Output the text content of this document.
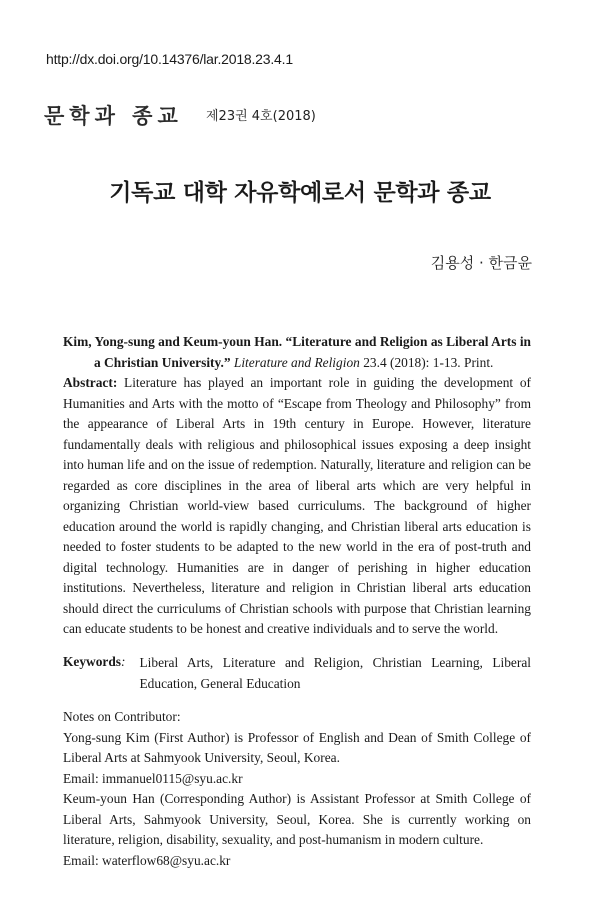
http://dx.doi.org/10.14376/lar.2018.23.4.1
문학과 종교 제23권 4호(2018)
기독교 대학 자유학예로서 문학과 종교
김용성 · 한금윤
Kim, Yong-sung and Keum-youn Han. “Literature and Religion as Liberal Arts in a Christian University.” Literature and Religion 23.4 (2018): 1-13. Print.

Abstract: Literature has played an important role in guiding the development of Humanities and Arts with the motto of “Escape from Theology and Philosophy” from the appearance of Liberal Arts in 19th century in Europe. However, literature fundamentally deals with religious and philosophical issues exposing a deep insight into human life and on the issue of redemption. Naturally, literature and religion can be regarded as core disciplines in the area of liberal arts which are very helpful in organizing Christian world-view based curriculums. The background of higher education around the world is rapidly changing, and Christian liberal arts education is needed to foster students to be adapted to the new world in the era of post-truth and digital technology. Humanities are in danger of perishing in higher education institutions. Nevertheless, literature and religion in Christian liberal arts education should direct the curriculums of Christian schools with purpose that Christian learning can educate students to be honest and creative individuals and to serve the world.

Keywords:	Liberal Arts, Literature and Religion, Christian Learning, Liberal Education, General Education

Notes on Contributor:

Yong-sung Kim (First Author) is Professor of English and Dean of Smith College of Liberal Arts at Sahmyook University, Seoul, Korea.

Email: immanuel0115@syu.ac.kr

Keum-youn Han (Corresponding Author) is Assistant Professor at Smith College of Liberal Arts, Sahmyook University, Seoul, Korea. She is currently working on literature, religion, disability, sexuality, and post-humanism in modern culture.

Email: waterflow68@syu.ac.kr
